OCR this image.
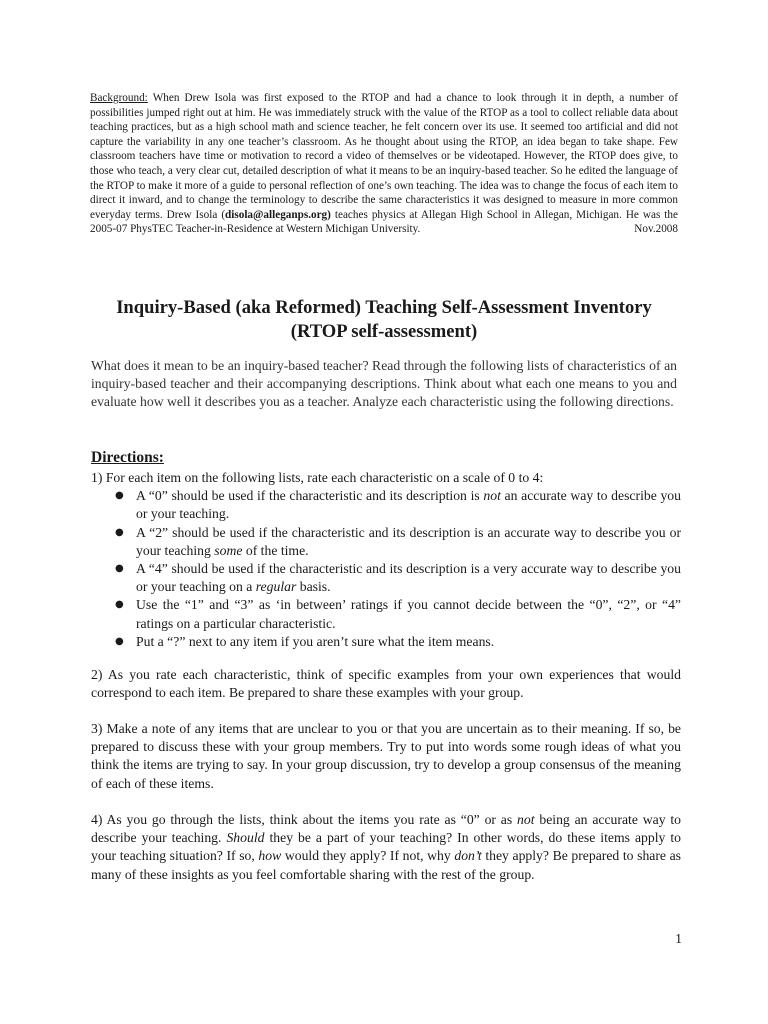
Background: When Drew Isola was first exposed to the RTOP and had a chance to look through it in depth, a number of possibilities jumped right out at him. He was immediately struck with the value of the RTOP as a tool to collect reliable data about teaching practices, but as a high school math and science teacher, he felt concern over its use. It seemed too artificial and did not capture the variability in any one teacher’s classroom. As he thought about using the RTOP, an idea began to take shape. Few classroom teachers have time or motivation to record a video of themselves or be videotaped. However, the RTOP does give, to those who teach, a very clear cut, detailed description of what it means to be an inquiry-based teacher. So he edited the language of the RTOP to make it more of a guide to personal reflection of one’s own teaching. The idea was to change the focus of each item to direct it inward, and to change the terminology to describe the same characteristics it was designed to measure in more common everyday terms. Drew Isola (disola@alleganps.org) teaches physics at Allegan High School in Allegan, Michigan. He was the 2005-07 PhysTEC Teacher-in-Residence at Western Michigan University.	Nov.2008

Inquiry-Based (aka Reformed) Teaching Self-Assessment Inventory
(RTOP self-assessment)

What does it mean to be an inquiry-based teacher? Read through the following lists of characteristics of an inquiry-based teacher and their accompanying descriptions. Think about what each one means to you and evaluate how well it describes you as a teacher. Analyze each characteristic using the following directions.

Directions:
1) For each item on the following lists, rate each characteristic on a scale of 0 to 4:
● A “0” should be used if the characteristic and its description is not an accurate way to describe you or your teaching.
● A “2” should be used if the characteristic and its description is an accurate way to describe you or your teaching some of the time.
● A “4” should be used if the characteristic and its description is a very accurate way to describe you or your teaching on a regular basis.
● Use the “1” and “3” as ‘in between’ ratings if you cannot decide between the “0”, “2”, or “4” ratings on a particular characteristic.
● Put a “?” next to any item if you aren’t sure what the item means.

2) As you rate each characteristic, think of specific examples from your own experiences that would correspond to each item. Be prepared to share these examples with your group.

3) Make a note of any items that are unclear to you or that you are uncertain as to their meaning. If so, be prepared to discuss these with your group members. Try to put into words some rough ideas of what you think the items are trying to say. In your group discussion, try to develop a group consensus of the meaning of each of these items.

4) As you go through the lists, think about the items you rate as “0” or as not being an accurate way to describe your teaching. Should they be a part of your teaching? In other words, do these items apply to your teaching situation? If so, how would they apply? If not, why don’t they apply? Be prepared to share as many of these insights as you feel comfortable sharing with the rest of the group.

1
